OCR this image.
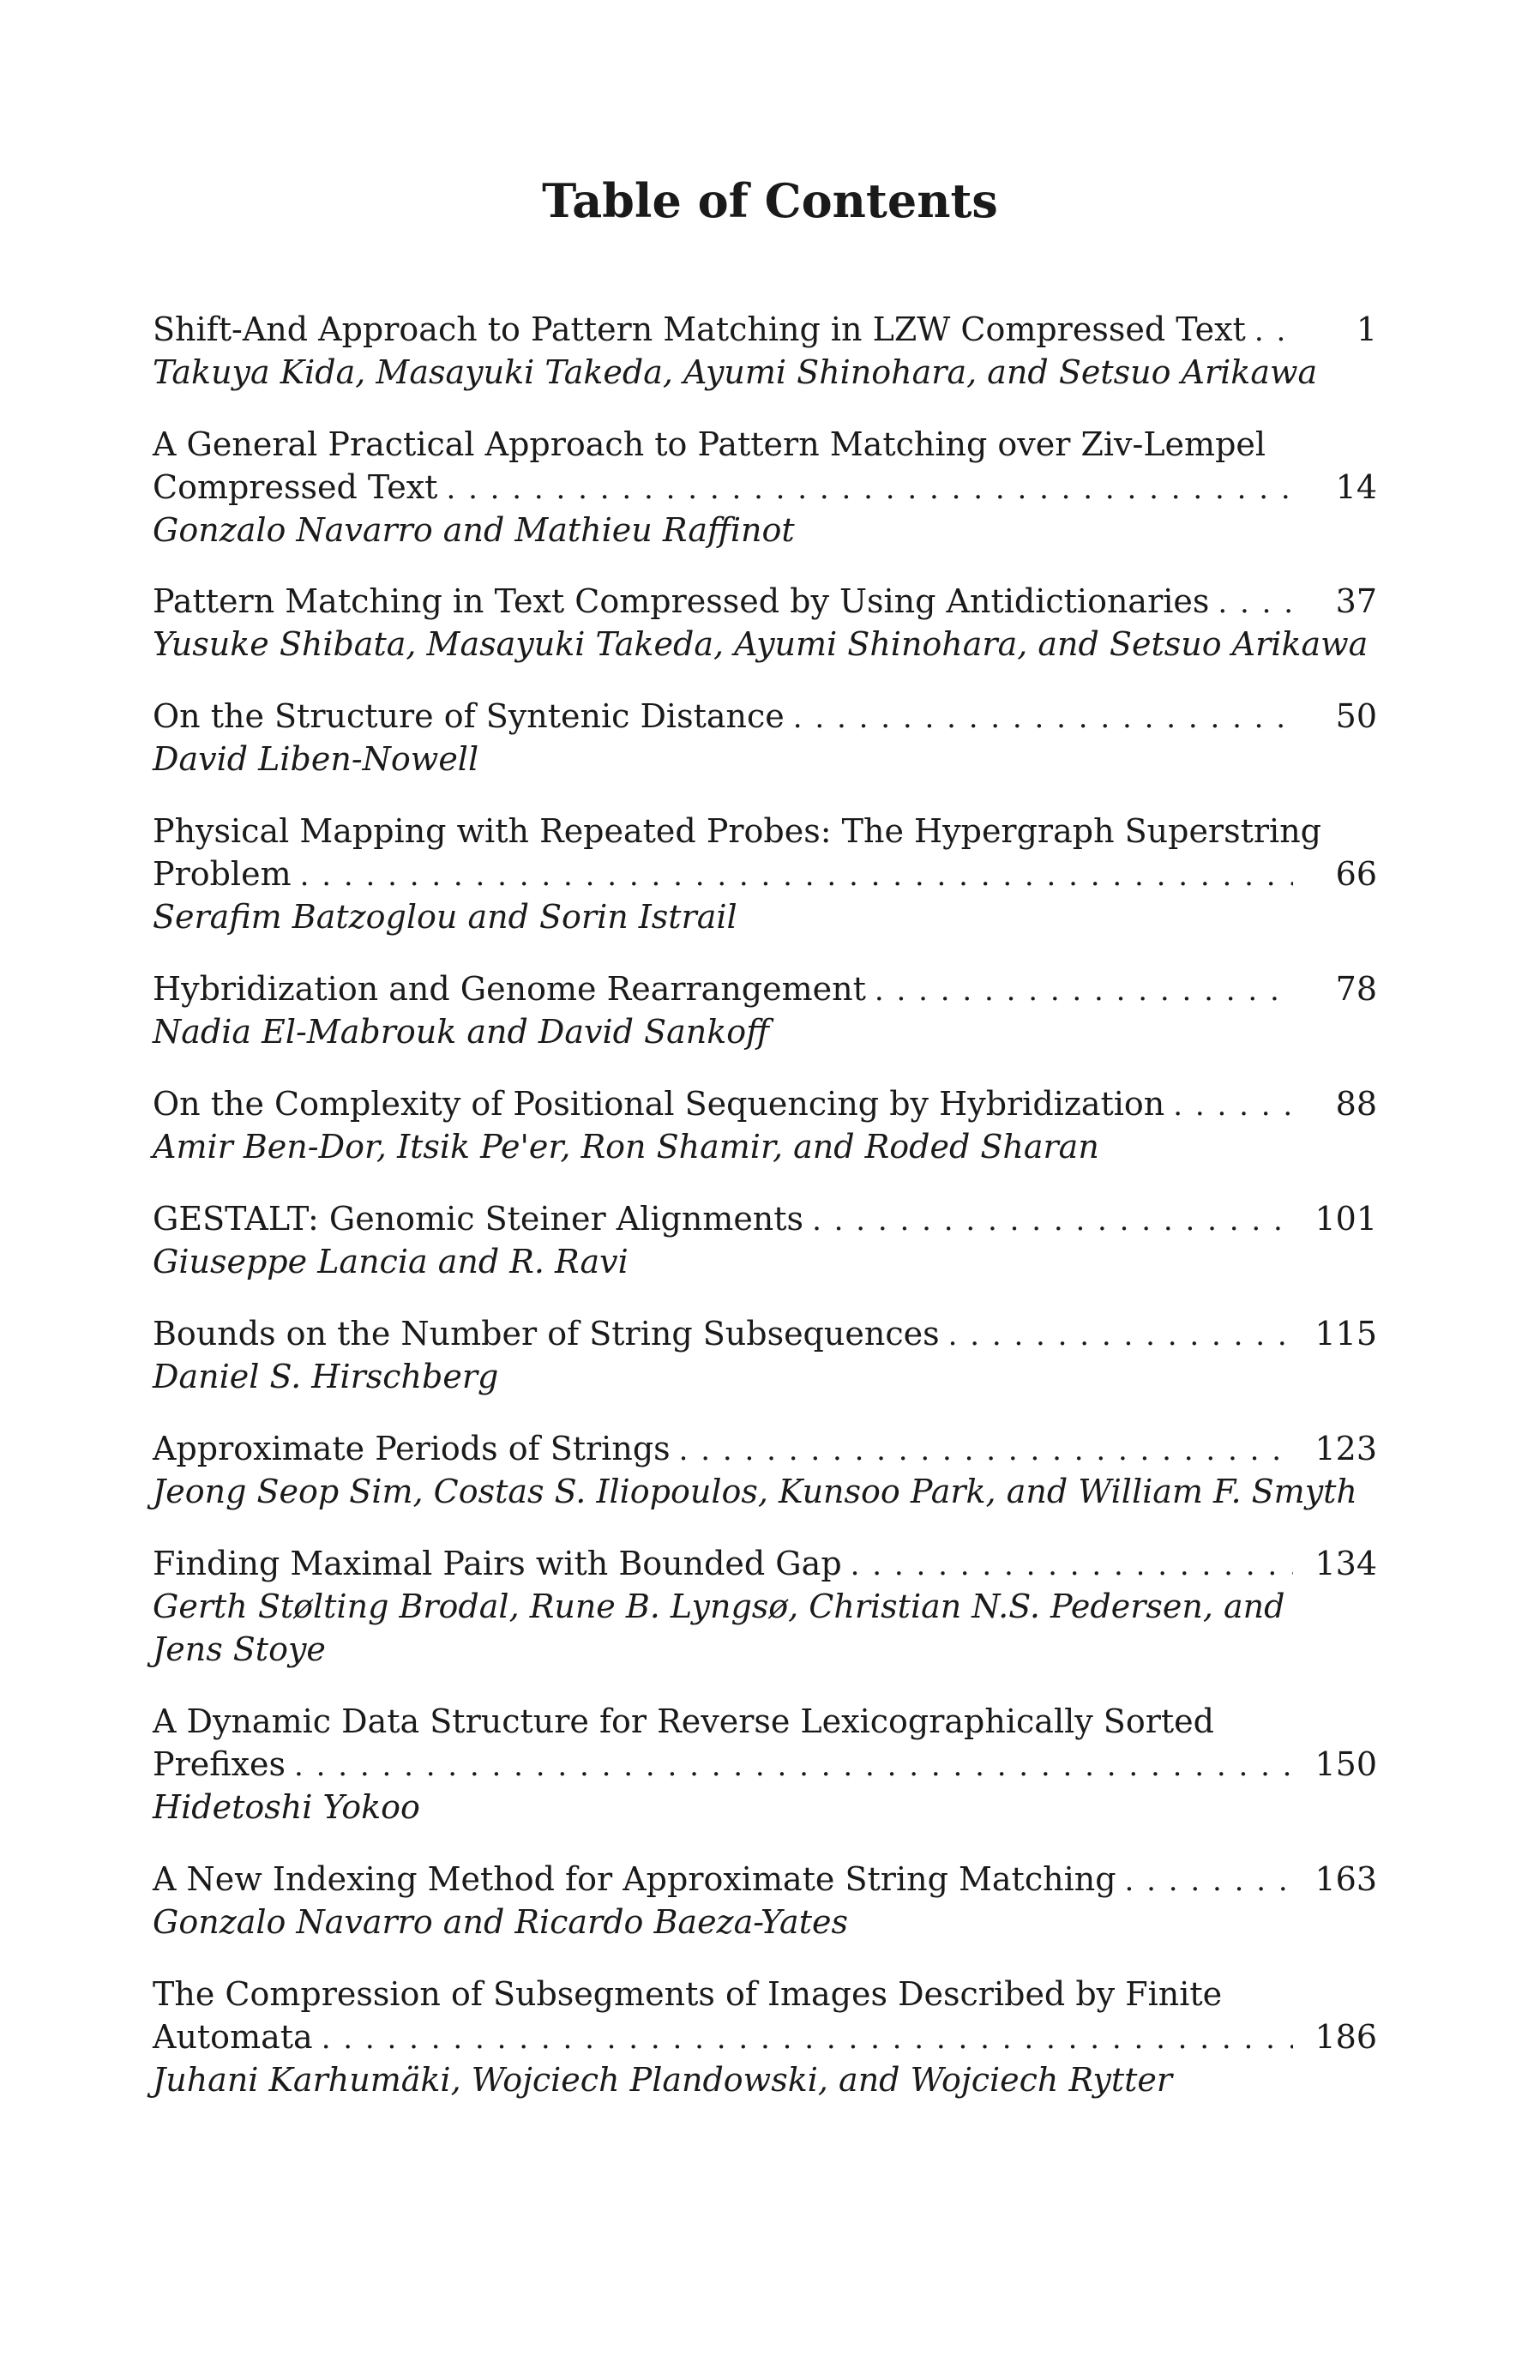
Table of Contents
Shift-And Approach to Pattern Matching in LZW Compressed Text . . .	1
Takuya Kida, Masayuki Takeda, Ayumi Shinohara, and Setsuo Arikawa
A General Practical Approach to Pattern Matching over Ziv-Lempel
Compressed Text . . .	14
Gonzalo Navarro and Mathieu Raffinot
Pattern Matching in Text Compressed by Using Antidictionaries . . .	37
Yusuke Shibata, Masayuki Takeda, Ayumi Shinohara, and Setsuo Arikawa
On the Structure of Syntenic Distance . . .	50
David Liben-Nowell
Physical Mapping with Repeated Probes: The Hypergraph Superstring
Problem . . .	66
Serafim Batzoglou and Sorin Istrail
Hybridization and Genome Rearrangement . . .	78
Nadia El-Mabrouk and David Sankoff
On the Complexity of Positional Sequencing by Hybridization . . .	88
Amir Ben-Dor, Itsik Pe'er, Ron Shamir, and Roded Sharan
GESTALT: Genomic Steiner Alignments . . .	101
Giuseppe Lancia and R. Ravi
Bounds on the Number of String Subsequences . . .	115
Daniel S. Hirschberg
Approximate Periods of Strings . . .	123
Jeong Seop Sim, Costas S. Iliopoulos, Kunsoo Park, and William F. Smyth
Finding Maximal Pairs with Bounded Gap . . .	134
Gerth Stølting Brodal, Rune B. Lyngsø, Christian N.S. Pedersen, and
Jens Stoye
A Dynamic Data Structure for Reverse Lexicographically Sorted
Prefixes . . .	150
Hidetoshi Yokoo
A New Indexing Method for Approximate String Matching . . .	163
Gonzalo Navarro and Ricardo Baeza-Yates
The Compression of Subsegments of Images Described by Finite
Automata . . .	186
Juhani Karhumäki, Wojciech Plandowski, and Wojciech Rytter
